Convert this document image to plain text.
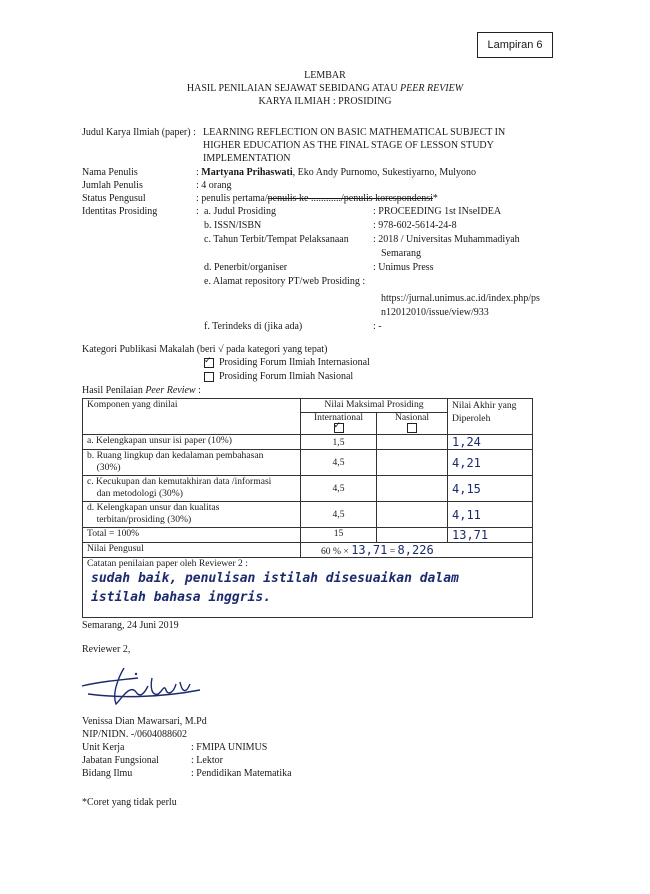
Lampiran 6
LEMBAR
HASIL PENILAIAN SEJAWAT SEBIDANG ATAU PEER REVIEW
KARYA ILMIAH : PROSIDING
Judul Karya Ilmiah (paper) : LEARNING REFLECTION ON BASIC MATHEMATICAL SUBJECT IN
HIGHER EDUCATION AS THE FINAL STAGE OF LESSON STUDY
IMPLEMENTATION
Nama Penulis	: Martyana Prihaswati, Eko Andy Purnomo, Sukestiyarno, Mulyono
Jumlah Penulis	: 4 orang
Status Pengusul	: penulis pertama/penulis ke ............/penulis korespondensi*
Identitas Prosiding	: a. Judul Prosiding	: PROCEEDING 1st INseIDEA
b. ISSN/ISBN	: 978-602-5614-24-8
c. Tahun Terbit/Tempat Pelaksanaan : 2018 / Universitas Muhammadiyah
Semarang
d. Penerbit/organiser	: Unimus Press
e. Alamat repository PT/web Prosiding :
https://jurnal.unimus.ac.id/index.php/ps
n12012010/issue/view/933
f. Terindeks di (jika ada)	: -
Kategori Publikasi Makalah (beri √ pada kategori yang tepat)
✓  Prosiding Forum Ilmiah Internasional
Prosiding Forum Ilmiah Nasional
Hasil Penilaian Peer Review :
Komponen yang dinilai	Nilai Maksimal Prosiding		Nilai Akhir yang
Diperoleh
	International
✓	Nasional	

a. Kelengkapan unsur isi paper (10%)	1,5		1,24
b. Ruang lingkup dan kedalaman pembahasan
(30%)	4,5		4,21
c. Kecukupan dan kemutakhiran data /informasi
dan metodologi (30%)	4,5		4,15
d. Kelengkapan unsur dan kualitas
terbitan/prosiding (30%)	4,5		4,11
Total = 100%	15		13,71
Nilai Pengusul	60 % × 13,71 = 8,226		

Catatan penilaian paper oleh Reviewer 2 :
sudah baik, penulisan istilah disesuaikan dalam
istilah bahasa inggris.			
Semarang, 24 Juni 2019
Reviewer 2,
Venissa Dian Mawarsari, M.Pd
NIP/NIDN. -/0604088602
Unit Kerja	: FMIPA UNIMUS
Jabatan Fungsional	: Lektor
Bidang Ilmu	: Pendidikan Matematika
*Coret yang tidak perlu
